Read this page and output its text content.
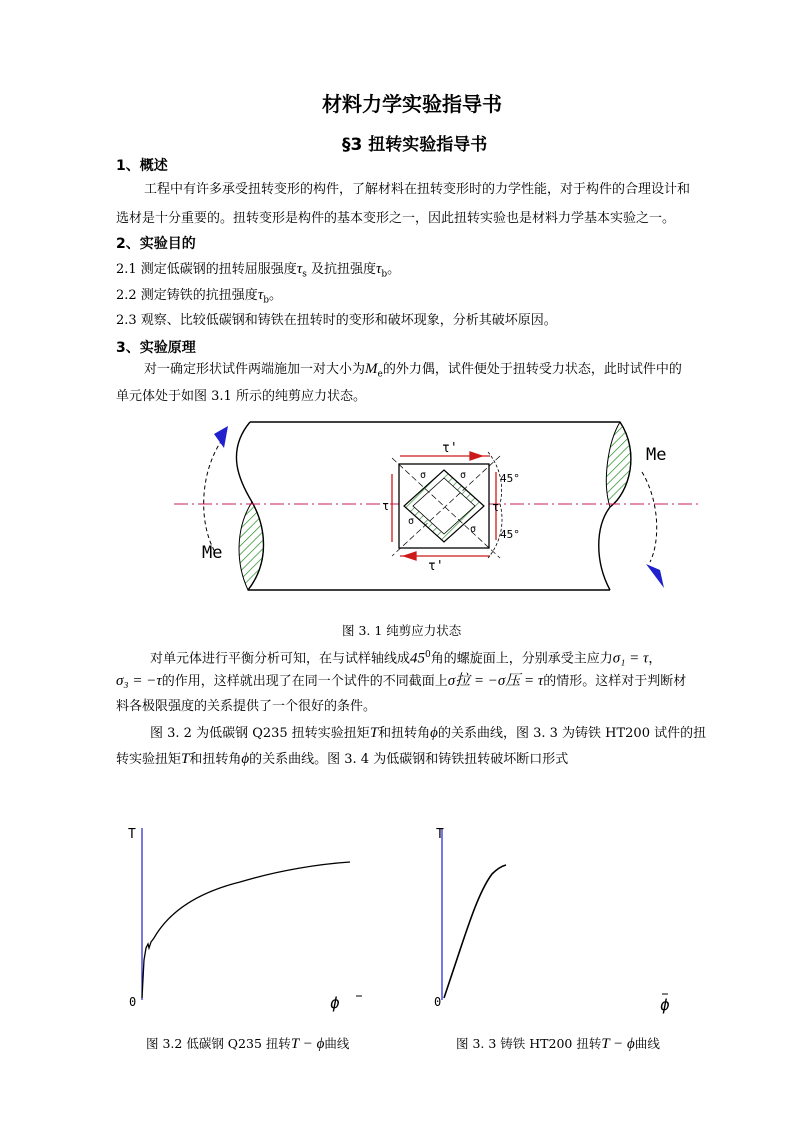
材料力学实验指导书
§3 扭转实验指导书
1、概述
工程中有许多承受扭转变形的构件，了解材料在扭转变形时的力学性能，对于构件的合理设计和
选材是十分重要的。扭转变形是构件的基本变形之一，因此扭转实验也是材料力学基本实验之一。
2、实验目的
2.1 测定低碳钢的扭转屈服强度$\tau_s$ 及抗扭强度$\tau_b$。
2.2 测定铸铁的抗扭强度$\tau_b$。
2.3 观察、比较低碳钢和铸铁在扭转时的变形和破坏现象，分析其破坏原因。
3、实验原理
对一确定形状试件两端施加一对大小为$M_e$的外力偶，试件便处于扭转受力状态，此时试件中的
单元体处于如图 3.1 所示的纯剪应力状态。
τ'
τ'
τ	τ
σ	σ
σ
σ
45°
45°
Me
Me
图 3. 1 纯剪应力状态
对单元体进行平衡分析可知，在与试样轴线成$45^0$角的螺旋面上，分别承受主应力σ₁ = τ，
σ₃ = −τ的作用，这样就出现了在同一个试件的不同截面上σ拉 = −σ压 = τ的情形。这样对于判断材
料各极限强度的关系提供了一个很好的条件。
图 3. 2 为低碳钢 Q235 扭转实验扭矩T和扭转角ϕ的关系曲线，图 3. 3 为铸铁 HT200 试件的扭
转实验扭矩T和扭转角ϕ的关系曲线。图 3. 4 为低碳钢和铸铁扭转破坏断口形式
T
0	ϕ
图 3.2 低碳钢 Q235 扭转T − ϕ曲线
T
0	ϕ
图 3. 3 铸铁 HT200 扭转T − ϕ曲线
